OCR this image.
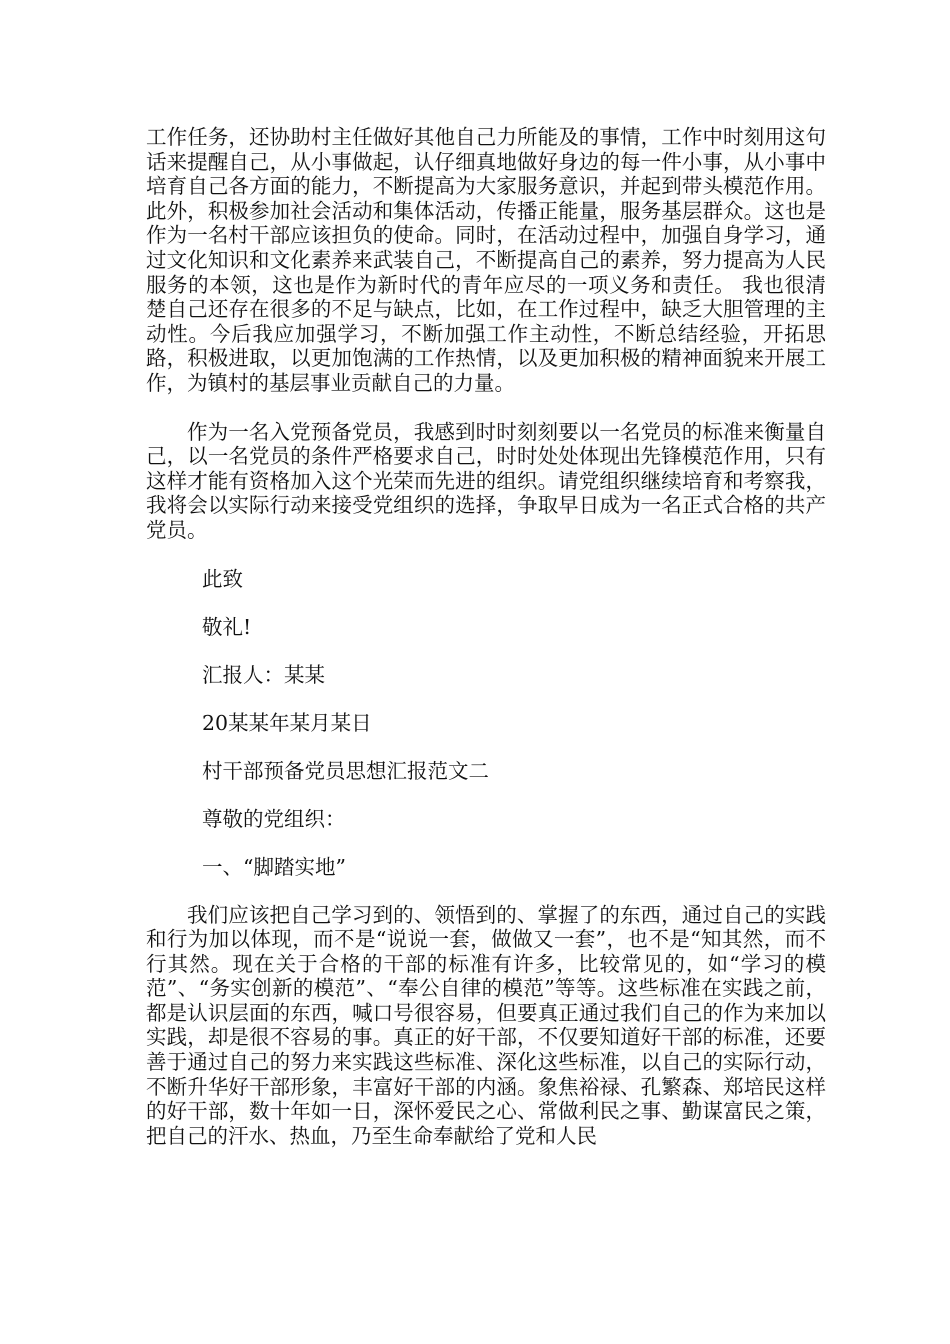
工作任务，还协助村主任做好其他自己力所能及的事情，工作中时刻用这句话来提醒自己，从小事做起，认仔细真地做好身边的每一件小事，从小事中培育自己各方面的能力，不断提高为大家服务意识，并起到带头模范作用。此外，积极参加社会活动和集体活动，传播正能量，服务基层群众。这也是作为一名村干部应该担负的使命。同时，在活动过程中，加强自身学习，通过文化知识和文化素养来武装自己，不断提高自己的素养，努力提高为人民服务的本领，这也是作为新时代的青年应尽的一项义务和责任。 我也很清楚自己还存在很多的不足与缺点，比如，在工作过程中，缺乏大胆管理的主动性。今后我应加强学习，不断加强工作主动性，不断总结经验，开拓思路，积极进取，以更加饱满的工作热情，以及更加积极的精神面貌来开展工作，为镇村的基层事业贡献自己的力量。

作为一名入党预备党员，我感到时时刻刻要以一名党员的标准来衡量自己，以一名党员的条件严格要求自己，时时处处体现出先锋模范作用，只有这样才能有资格加入这个光荣而先进的组织。请党组织继续培育和考察我，我将会以实际行动来接受党组织的选择，争取早日成为一名正式合格的共产党员。

此致

敬礼!

汇报人：某某

20某某年某月某日

村干部预备党员思想汇报范文二

尊敬的党组织：

一、“脚踏实地”

我们应该把自己学习到的、领悟到的、掌握了的东西，通过自己的实践和行为加以体现，而不是“说说一套，做做又一套”，也不是“知其然，而不行其然。现在关于合格的干部的标准有许多，比较常见的，如“学习的模范”、“务实创新的模范”、“奉公自律的模范”等等。这些标准在实践之前，都是认识层面的东西，喊口号很容易，但要真正通过我们自己的作为来加以实践，却是很不容易的事。真正的好干部，不仅要知道好干部的标准，还要善于通过自己的努力来实践这些标准、深化这些标准，以自己的实际行动，不断升华好干部形象，丰富好干部的内涵。象焦裕禄、孔繁森、郑培民这样的好干部，数十年如一日，深怀爱民之心、常做利民之事、勤谋富民之策，把自己的汗水、热血，乃至生命奉献给了党和人民
